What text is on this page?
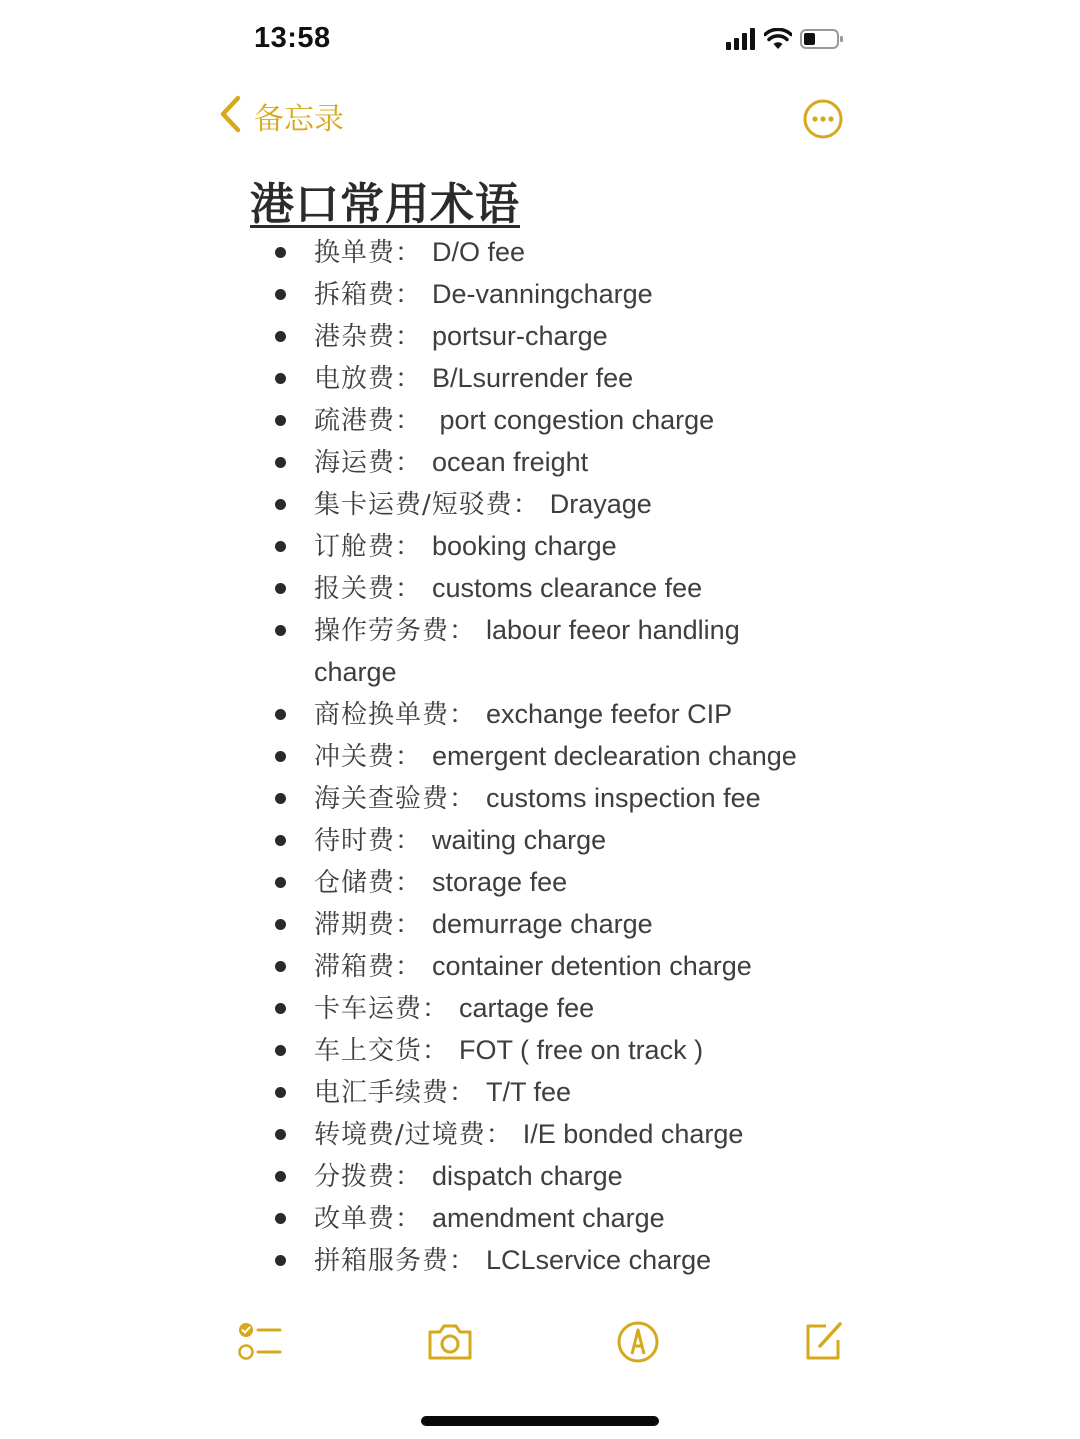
13:58
备忘录
港口常用术语
换单费： D/O fee
拆箱费： De-vanningcharge
港杂费： portsur-charge
电放费： B/Lsurrender fee
疏港费： port congestion charge
海运费： ocean freight
集卡运费/短驳费： Drayage
订舱费： booking charge
报关费： customs clearance fee
操作劳务费： labour feeor handling charge
商检换单费： exchange feefor CIP
冲关费： emergent declearation change
海关查验费： customs inspection fee
待时费： waiting charge
仓储费： storage fee
滞期费： demurrage charge
滞箱费： container detention charge
卡车运费： cartage fee
车上交货： FOT ( free on track )
电汇手续费： T/T fee
转境费/过境费： I/E bonded charge
分拨费： dispatch charge
改单费： amendment charge
拼箱服务费： LCLservice charge
